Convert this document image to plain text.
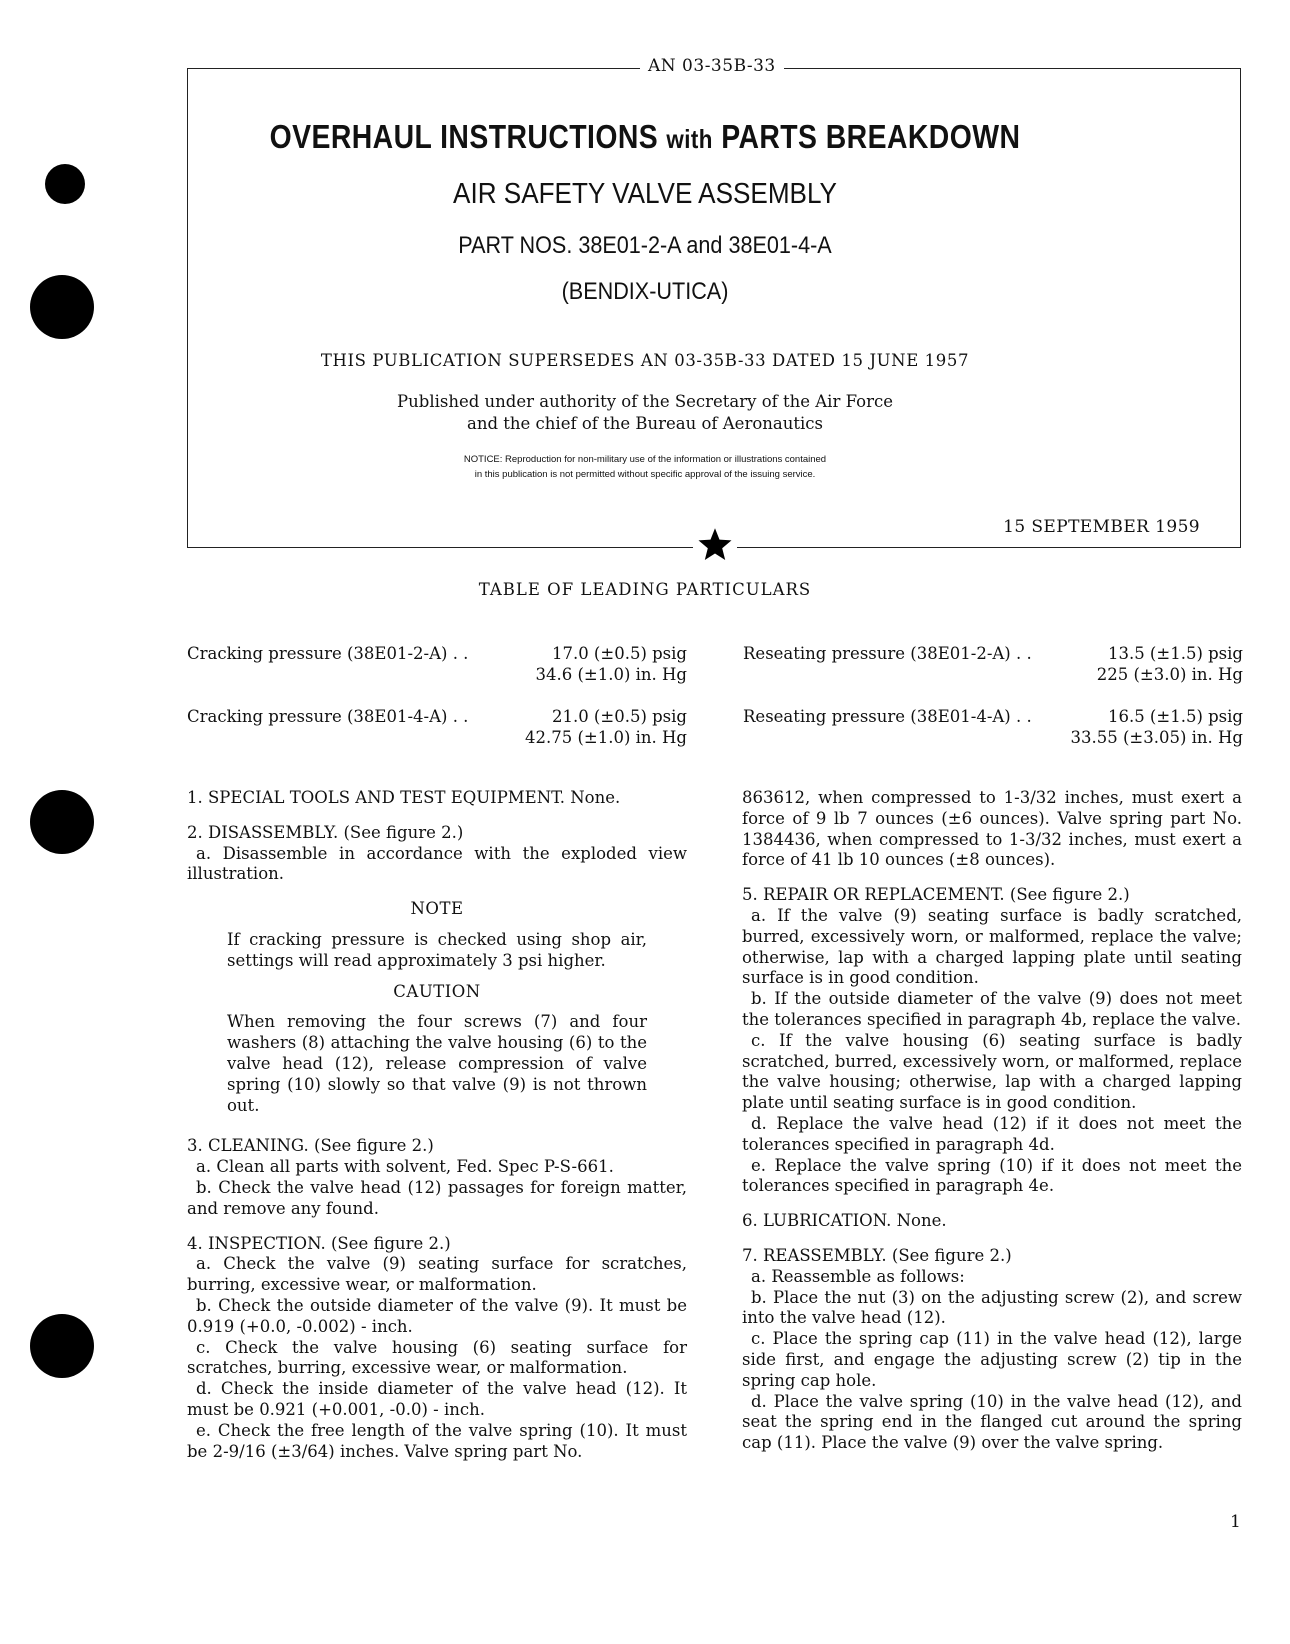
AN 03-35B-33
OVERHAUL INSTRUCTIONS with PARTS BREAKDOWN
AIR SAFETY VALVE ASSEMBLY
PART NOS. 38E01-2-A and 38E01-4-A
(BENDIX-UTICA)
THIS PUBLICATION SUPERSEDES AN 03-35B-33 DATED 15 JUNE 1957
Published under authority of the Secretary of the Air Force
and the chief of the Bureau of Aeronautics
NOTICE: Reproduction for non-military use of the information or illustrations contained
in this publication is not permitted without specific approval of the issuing service.
15 SEPTEMBER 1959
TABLE OF LEADING PARTICULARS
Cracking pressure (38E01-2-A) . .	17.0 (±0.5) psig
34.6 (±1.0) in. Hg
Reseating pressure (38E01-2-A) . .	13.5 (±1.5) psig
225 (±3.0) in. Hg
Cracking pressure (38E01-4-A) . .	21.0 (±0.5) psig
42.75 (±1.0) in. Hg
Reseating pressure (38E01-4-A) . .	16.5 (±1.5) psig
33.55 (±3.05) in. Hg

1. SPECIAL TOOLS AND TEST EQUIPMENT. None.

2. DISASSEMBLY. (See figure 2.)

a. Disassemble in accordance with the exploded view illustration.

NOTE

If cracking pressure is checked using shop air, settings will read approximately 3 psi higher.

CAUTION

When removing the four screws (7) and four washers (8) attaching the valve housing (6) to the valve head (12), release compression of valve spring (10) slowly so that valve (9) is not thrown out.

3. CLEANING. (See figure 2.)

a. Clean all parts with solvent, Fed. Spec P-S-661.

b. Check the valve head (12) passages for foreign matter, and remove any found.

4. INSPECTION. (See figure 2.)

a. Check the valve (9) seating surface for scratches, burring, excessive wear, or malformation.

b. Check the outside diameter of the valve (9). It must be 0.919 (+0.0, -0.002) - inch.

c. Check the valve housing (6) seating surface for scratches, burring, excessive wear, or malformation.

d. Check the inside diameter of the valve head (12). It must be 0.921 (+0.001, -0.0) - inch.

e. Check the free length of the valve spring (10). It must be 2-9/16 (±3/64) inches. Valve spring part No.

863612, when compressed to 1-3/32 inches, must exert a force of 9 lb 7 ounces (±6 ounces). Valve spring part No. 1384436, when compressed to 1-3/32 inches, must exert a force of 41 lb 10 ounces (±8 ounces).

5. REPAIR OR REPLACEMENT. (See figure 2.)

a. If the valve (9) seating surface is badly scratched, burred, excessively worn, or malformed, replace the valve; otherwise, lap with a charged lapping plate until seating surface is in good condition.

b. If the outside diameter of the valve (9) does not meet the tolerances specified in paragraph 4b, replace the valve.

c. If the valve housing (6) seating surface is badly scratched, burred, excessively worn, or malformed, replace the valve housing; otherwise, lap with a charged lapping plate until seating surface is in good condition.

d. Replace the valve head (12) if it does not meet the tolerances specified in paragraph 4d.

e. Replace the valve spring (10) if it does not meet the tolerances specified in paragraph 4e.

6. LUBRICATION. None.

7. REASSEMBLY. (See figure 2.)

a. Reassemble as follows:

b. Place the nut (3) on the adjusting screw (2), and screw into the valve head (12).

c. Place the spring cap (11) in the valve head (12), large side first, and engage the adjusting screw (2) tip in the spring cap hole.

d. Place the valve spring (10) in the valve head (12), and seat the spring end in the flanged cut around the spring cap (11). Place the valve (9) over the valve spring.

1
